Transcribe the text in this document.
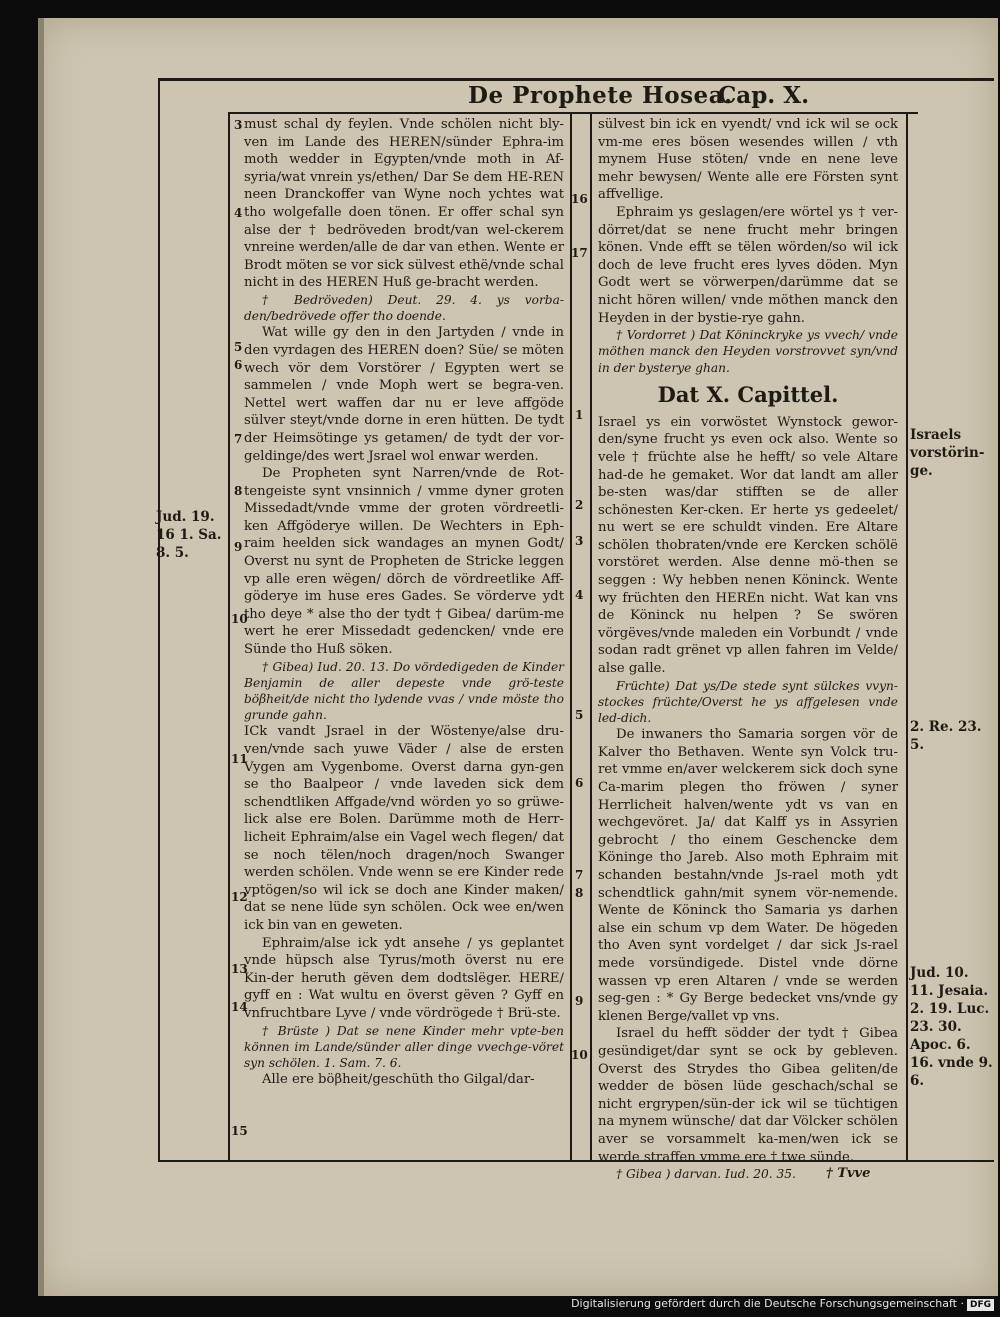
De Prophete Hosea.
Cap. X.

must schal dy feylen. Vnde schölen nicht bly-ven im Lande des HEREN/sünder Ephra-im moth wedder in Egypten/vnde moth in Af-syria/wat vnrein ys/ethen/ Dar Se dem HE-REN neen Dranckoffer van Wyne noch ychtes wat tho wolgefalle doen tönen. Er offer schal syn alse der † bedröveden brodt/van wel-ckerem vnreine werden/alle de dar van ethen. Wente er Brodt möten se vor sick sülvest ethë/vnde schal nicht in des HEREN Huß ge-bracht werden.

† Bedröveden) Deut. 29. 4. ys vorba-den/bedrövede offer tho doende.

Wat wille gy den in den Jartyden / vnde in den vyrdagen des HEREN doen? Süe/ se möten wech vör dem Vorstörer / Egypten wert se sammelen / vnde Moph wert se begra-ven. Nettel wert waffen dar nu er leve affgöde sülver steyt/vnde dorne in eren hütten. De tydt der Heimsötinge ys getamen/ de tydt der vor-geldinge/des wert Jsrael wol enwar werden.

De Propheten synt Narren/vnde de Rot-tengeiste synt vnsinnich / vmme dyner groten Missedadt/vnde vmme der groten vördreetli-ken Affgöderye willen. De Wechters in Eph-raim heelden sick wandages an mynen Godt/ Overst nu synt de Propheten de Stricke leggen vp alle eren wëgen/ dörch de vördreetlike Aff-göderye im huse eres Gades. Se vörderve ydt tho deye * alse tho der tydt † Gibea/ darüm-me wert he erer Missedadt gedencken/ vnde ere Sünde tho Huß söken.

† Gibea) Iud. 20. 13. Do vördedigeden de Kinder Benjamin de aller depeste vnde grö-teste böβheit/de nicht tho lydende vvas / vnde möste tho grunde gahn.

ICk vandt Jsrael in der Wöstenye/alse dru-ven/vnde sach yuwe Väder / alse de ersten Vygen am Vygenbome. Overst darna gyn-gen se tho Baalpeor / vnde laveden sick dem schendtliken Affgade/vnd wörden yo so grüwe-lick alse ere Bolen. Darümme moth de Herr-licheit Ephraim/alse ein Vagel wech flegen/ dat se noch tëlen/noch dragen/noch Swanger werden schölen. Vnde wenn se ere Kinder rede vptögen/so wil ick se doch ane Kinder maken/ dat se nene lüde syn schölen. Ock wee en/wen ick bin van en geweten.

Ephraim/alse ick ydt ansehe / ys geplantet vnde hüpsch alse Tyrus/moth överst nu ere Kin-der heruth gëven dem dodtslëger. HERE/ gyff en : Wat wultu en överst gëven ? Gyff en vnfruchtbare Lyve / vnde vördrögede † Brü-ste.

† Brüste ) Dat se nene Kinder mehr vpte-ben können im Lande/sünder aller dinge vvechge-vöret syn schölen. 1. Sam. 7. 6.

Alle ere böβheit/geschüth tho Gilgal/dar-

sülvest bin ick en vyendt/ vnd ick wil se ock vm-me eres bösen wesendes willen / vth mynem Huse stöten/ vnde en nene leve mehr bewysen/ Wente alle ere Försten synt affvellige.

Ephraim ys geslagen/ere wörtel ys † ver-dörret/dat se nene frucht mehr bringen könen. Vnde efft se tëlen wörden/so wil ick doch de leve frucht eres lyves döden. Myn Godt wert se vörwerpen/darümme dat se nicht hören willen/ vnde möthen manck den Heyden in der bystie-rye gahn.

† Vordorret ) Dat Köninckryke ys vvech/ vnde möthen manck den Heyden vorstrovvet syn/vnd in der bysterye ghan.

Dat X. Capittel.

Israel ys ein vorwöstet Wynstock gewor-den/syne frucht ys even ock also. Wente so vele † früchte alse he hefft/ so vele Altare had-de he gemaket. Wor dat landt am aller be-sten was/dar stifften se de aller schönesten Ker-cken. Er herte ys gedeelet/ nu wert se ere schuldt vinden. Ere Altare schölen thobraten/vnde ere Kercken schölë vorstöret werden. Alse denne mö-then se seggen : Wy hebben nenen Köninck. Wente wy früchten den HEREn nicht. Wat kan vns de Köninck nu helpen ? Se swören vörgëves/vnde maleden ein Vorbundt / vnde sodan radt grënet vp allen fahren im Velde/ alse galle.

Früchte) Dat ys/De stede synt sülckes vvyn-stockes früchte/Overst he ys affgelesen vnde led-dich.

De inwaners tho Samaria sorgen vör de Kalver tho Bethaven. Wente syn Volck tru-ret vmme en/aver welckerem sick doch syne Ca-marim plegen tho fröwen / syner Herrlicheit halven/wente ydt vs van en wechgevöret. Ja/ dat Kalff ys in Assyrien gebrocht / tho einem Geschencke dem Köninge tho Jareb. Also moth Ephraim mit schanden bestahn/vnde Js-rael moth ydt schendtlick gahn/mit synem vör-nemende. Wente de Köninck tho Samaria ys darhen alse ein schum vp dem Water. De högeden tho Aven synt vordelget / dar sick Js-rael mede vorsündigede. Distel vnde dörne wassen vp eren Altaren / vnde se werden seg-gen : * Gy Berge bedecket vns/vnde gy klenen Berge/vallet vp vns.

Israel du hefft södder der tydt † Gibea gesündiget/dar synt se ock by gebleven. Overst des Strydes tho Gibea geliten/de wedder de bösen lüde geschach/schal se nicht ergrypen/sün-der ick wil se tüchtigen na mynem wünsche/ dat dar Völcker schölen aver se vorsammelt ka-men/wen ick se werde straffen vmme ere † twe sünde.

† Gibea ) darvan. Iud. 20. 35.

3
4
5
6
7
8
9
10
11
12
13
14
15
16
17
1
2
3
4
5
6
7
8
9
10
Jud. 19. 16 1. Sa. 8. 5.
Israels vorstörin-ge.
2. Re. 23. 5.
Jud. 10. 11. Jesaia. 2. 19. Luc. 23. 30. Apoc. 6. 16. vnde 9. 6.
† Tvve
Digitalisierung gefördert durch die Deutsche Forschungsgemeinschaft · DFG
